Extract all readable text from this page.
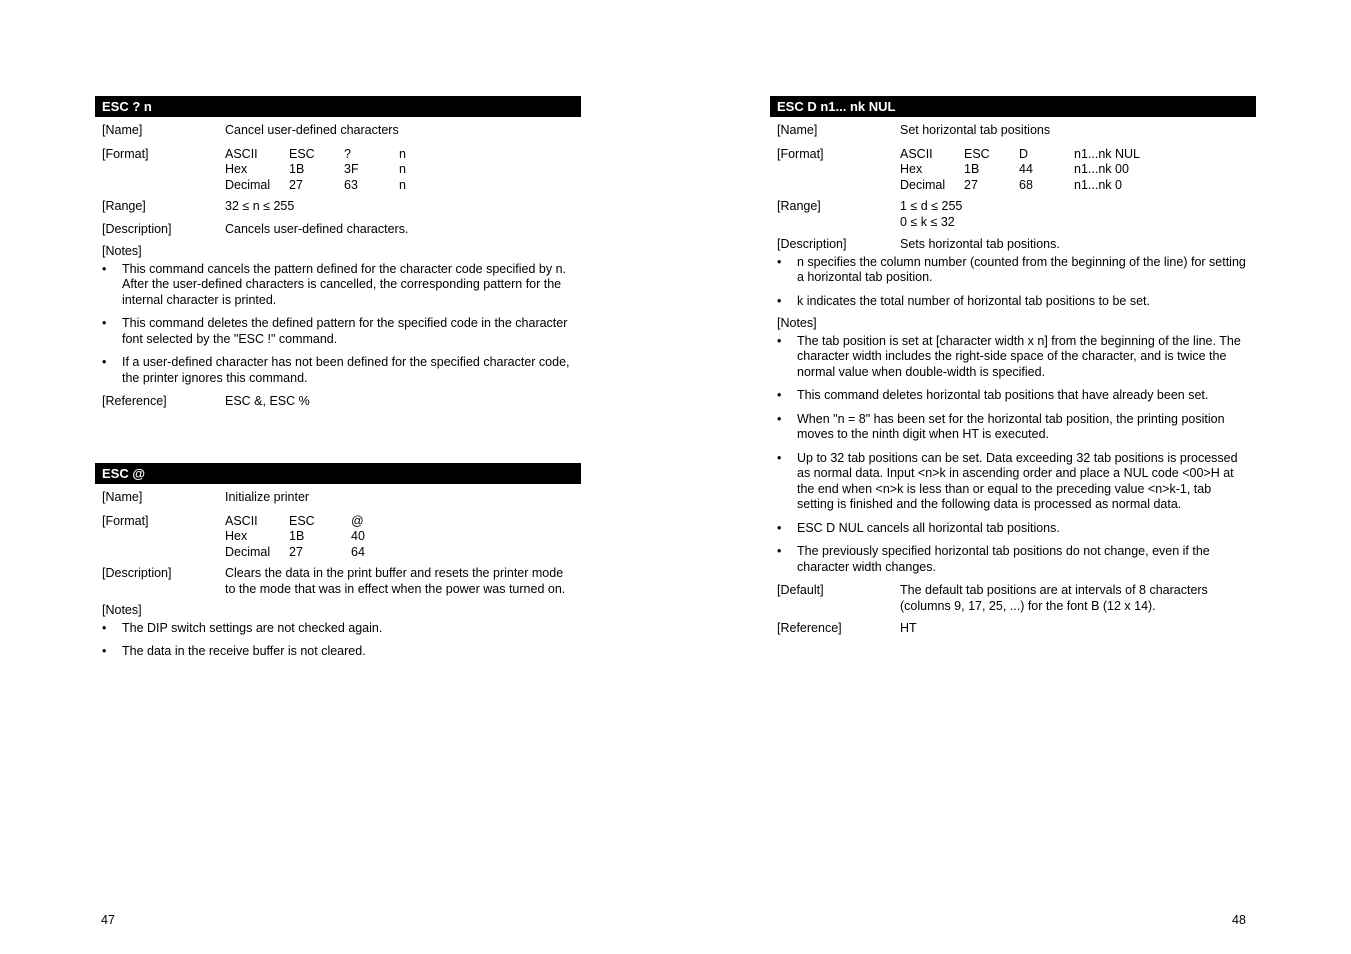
ESC ? n
[Name]	Cancel user-defined characters
[Format]	ASCII	ESC	?	n
Hex	1B	3F	n
Decimal	27	63	n
[Range]	32 ≤ n ≤ 255
[Description]	Cancels user-defined characters.
[Notes]
• This command cancels the pattern defined for the character code specified by n. After the user-defined characters is cancelled, the corresponding pattern for the internal character is printed.
• This command deletes the defined pattern for the specified code in the character font selected by the "ESC !" command.
• If a user-defined character has not been defined for the specified character code, the printer ignores this command.
[Reference]	ESC &, ESC %
ESC @
[Name]	Initialize printer
[Format]	ASCII	ESC	@
Hex	1B	40
Decimal	27	64
[Description]	Clears the data in the print buffer and resets the printer mode to the mode that was in effect when the power was turned on.
[Notes]
• The DIP switch settings are not checked again.
• The data in the receive buffer is not cleared.
47
ESC D n1... nk NUL
[Name]	Set horizontal tab positions
[Format]	ASCII	ESC	D	n1...nk NUL
Hex	1B	44	n1...nk 00
Decimal	27	68	n1...nk 0
[Range]	1 ≤ d ≤ 255
0 ≤ k ≤ 32
[Description]	Sets horizontal tab positions.
• n specifies the column number (counted from the beginning of the line) for setting a horizontal tab position.
• k indicates the total number of horizontal tab positions to be set.
[Notes]
• The tab position is set at [character width x n] from the beginning of the line. The character width includes the right-side space of the character, and is twice the normal value when double-width is specified.
• This command deletes horizontal tab positions that have already been set.
• When "n = 8" has been set for the horizontal tab position, the printing position moves to the ninth digit when HT is executed.
• Up to 32 tab positions can be set. Data exceeding 32 tab positions is processed as normal data. Input <n>k in ascending order and place a NUL code <00>H at the end when <n>k is less than or equal to the preceding value <n>k-1, tab setting is finished and the following data is processed as normal data.
• ESC D NUL cancels all horizontal tab positions.
• The previously specified horizontal tab positions do not change, even if the character width changes.
[Default]	The default tab positions are at intervals of 8 characters (columns 9, 17, 25, ...) for the font B (12 x 14).
[Reference]	HT
48
